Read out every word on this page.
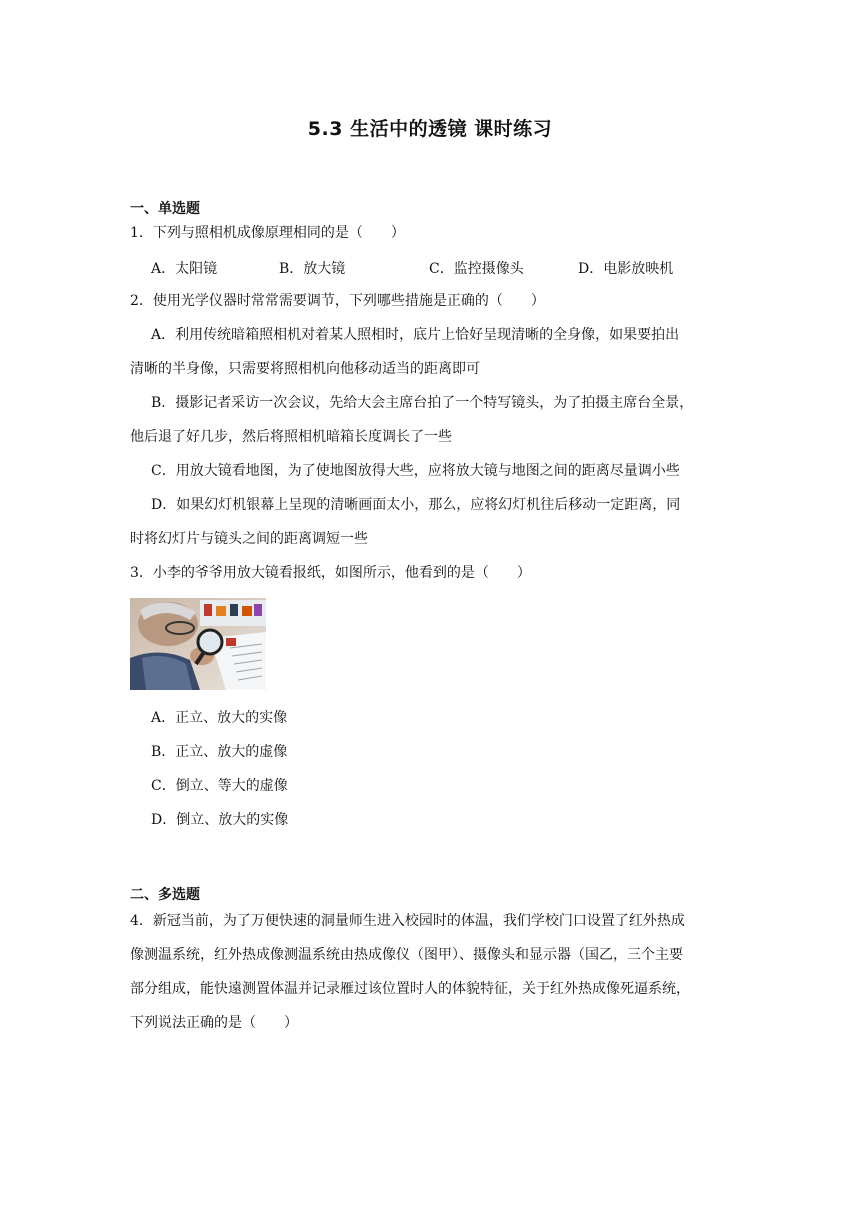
5.3 生活中的透镜 课时练习
一、单选题
1．下列与照相机成像原理相同的是（　　）
A．太阳镜	B．放大镜	C．监控摄像头	D．电影放映机
2．使用光学仪器时常常需要调节，下列哪些措施是正确的（　　）
A．利用传统暗箱照相机对着某人照相时，底片上恰好呈现清晰的全身像，如果要拍出
清晰的半身像，只需要将照相机向他移动适当的距离即可
B．摄影记者采访一次会议，先给大会主席台拍了一个特写镜头，为了拍摄主席台全景，
他后退了好几步，然后将照相机暗箱长度调长了一些
C．用放大镜看地图，为了使地图放得大些，应将放大镜与地图之间的距离尽量调小些
D．如果幻灯机银幕上呈现的清晰画面太小，那么，应将幻灯机往后移动一定距离，同
时将幻灯片与镜头之间的距离调短一些
3．小李的爷爷用放大镜看报纸，如图所示，他看到的是（　　）
A．正立、放大的实像
B．正立、放大的虚像
C．倒立、等大的虚像
D．倒立、放大的实像
二、多选题
4．新冠当前，为了万便快速的洞量师生进入校园时的体温，我们学校门口设置了红外热成
像测温系统，红外热成像测温系统由热成像仪（图甲）、摄像头和显示器（国乙，三个主要
部分组成，能快遠测置体温并记录雁过该位置时人的体貌特征，关于红外热成像死逼系统，
下列说法正确的是（　　）
